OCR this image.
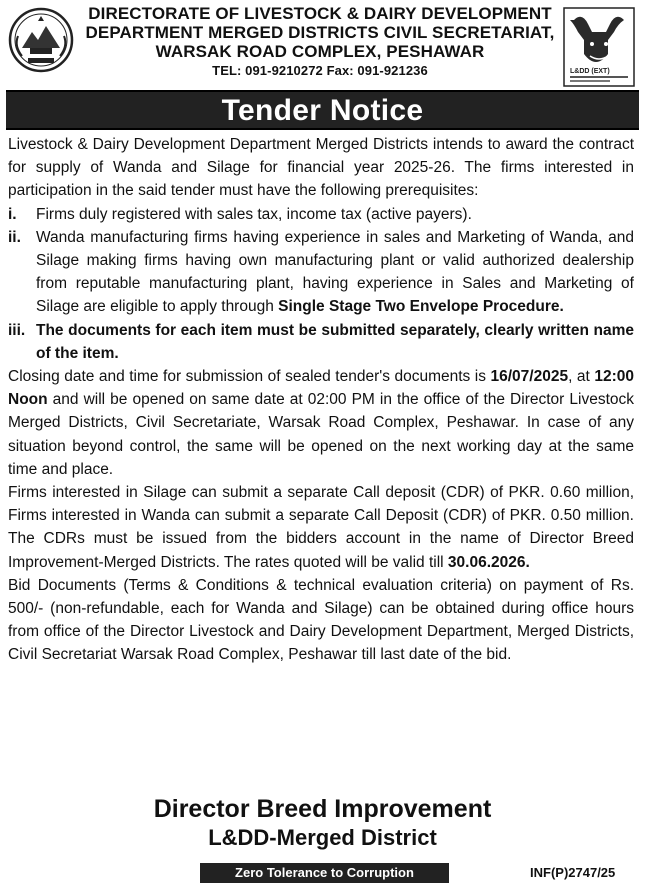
DIRECTORATE OF LIVESTOCK & DAIRY DEVELOPMENT
DEPARTMENT MERGED DISTRICTS CIVIL SECRETARIAT,
WARSAK ROAD COMPLEX, PESHAWAR
TEL: 091-9210272 Fax: 091-921236	L&DD (EXT)
Tender Notice

Livestock & Dairy Development Department Merged Districts intends to award the contract for supply of Wanda and Silage for financial year 2025-26. The firms interested in participation in the said tender must have the following prerequisites:

i. Firms duly registered with sales tax, income tax (active payers).

ii. Wanda manufacturing firms having experience in sales and Marketing of Wanda, and Silage making firms having own manufacturing plant or valid authorized dealership from reputable manufacturing plant, having experience in Sales and Marketing of Silage are eligible to apply through Single Stage Two Envelope Procedure.

iii. The documents for each item must be submitted separately, clearly written name of the item.

Closing date and time for submission of sealed tender's documents is 16/07/2025, at 12:00 Noon and will be opened on same date at 02:00 PM in the office of the Director Livestock Merged Districts, Civil Secretariate, Warsak Road Complex, Peshawar. In case of any situation beyond control, the same will be opened on the next working day at the same time and place.

Firms interested in Silage can submit a separate Call deposit (CDR) of PKR. 0.60 million, Firms interested in Wanda can submit a separate Call Deposit (CDR) of PKR. 0.50 million. The CDRs must be issued from the bidders account in the name of Director Breed Improvement-Merged Districts. The rates quoted will be valid till 30.06.2026.

Bid Documents (Terms & Conditions & technical evaluation criteria) on payment of Rs. 500/- (non-refundable, each for Wanda and Silage) can be obtained during office hours from office of the Director Livestock and Dairy Development Department, Merged Districts, Civil Secretariat Warsak Road Complex, Peshawar till last date of the bid.

Director Breed Improvement
L&DD-Merged District
Zero Tolerance to Corruption	INF(P)2747/25
